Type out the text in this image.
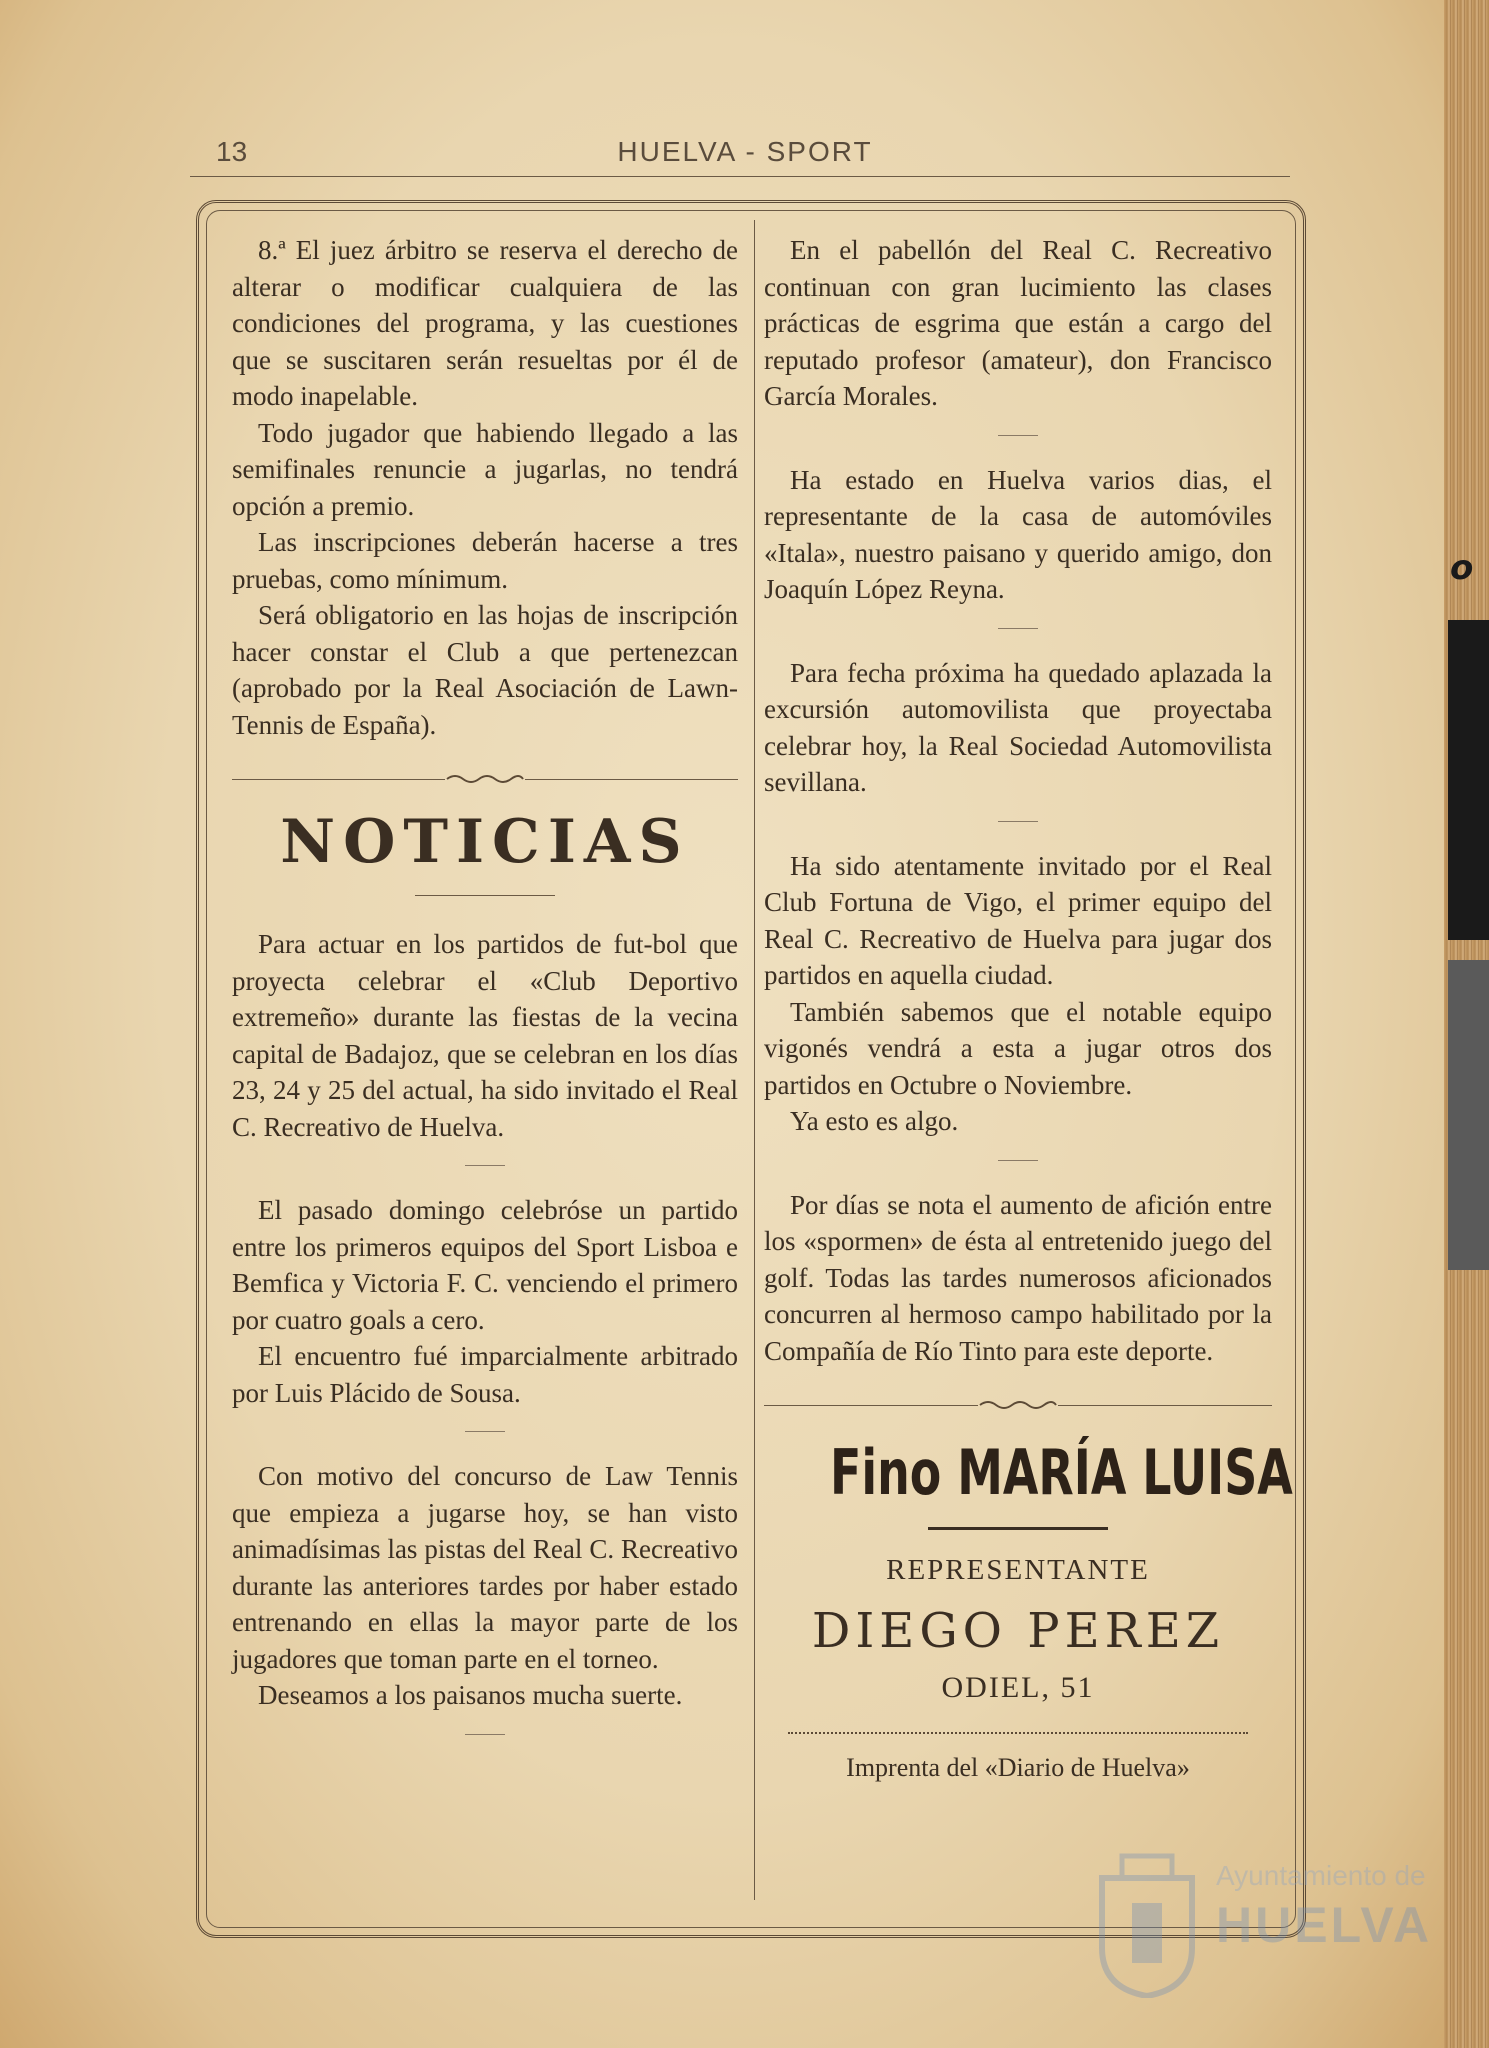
13	HUELVA - SPORT

8.ª El juez árbitro se reserva el derecho de alterar o modificar cualquiera de las condiciones del programa, y las cuestiones que se suscitaren serán resueltas por él de modo inapelable.

Todo jugador que habiendo llegado a las semifinales renuncie a jugarlas, no tendrá opción a premio.

Las inscripciones deberán hacerse a tres pruebas, como mínimum.

Será obligatorio en las hojas de inscripción hacer constar el Club a que pertenezcan (aprobado por la Real Asociación de Lawn-Tennis de España).

NOTICIAS

Para actuar en los partidos de fut-bol que proyecta celebrar el «Club Deportivo extremeño» durante las fiestas de la vecina capital de Badajoz, que se celebran en los días 23, 24 y 25 del actual, ha sido invitado el Real C. Recreativo de Huelva.

El pasado domingo celebróse un partido entre los primeros equipos del Sport Lisboa e Bemfica y Victoria F. C. venciendo el primero por cuatro goals a cero.

El encuentro fué imparcialmente arbitrado por Luis Plácido de Sousa.

Con motivo del concurso de Law Tennis que empieza a jugarse hoy, se han visto animadísimas las pistas del Real C. Recreativo durante las anteriores tardes por haber estado entrenando en ellas la mayor parte de los jugadores que toman parte en el torneo.

Deseamos a los paisanos mucha suerte.

En el pabellón del Real C. Recreativo continuan con gran lucimiento las clases prácticas de esgrima que están a cargo del reputado profesor (amateur), don Francisco García Morales.

Ha estado en Huelva varios dias, el representante de la casa de automóviles «Itala», nuestro paisano y querido amigo, don Joaquín López Reyna.

Para fecha próxima ha quedado aplazada la excursión automovilista que proyectaba celebrar hoy, la Real Sociedad Automovilista sevillana.

Ha sido atentamente invitado por el Real Club Fortuna de Vigo, el primer equipo del Real C. Recreativo de Huelva para jugar dos partidos en aquella ciudad.

También sabemos que el notable equipo vigonés vendrá a esta a jugar otros dos partidos en Octubre o Noviembre.

Ya esto es algo.

Por días se nota el aumento de afición entre los «spormen» de ésta al entretenido juego del golf. Todas las tardes numerosos aficionados concurren al hermoso campo habilitado por la Compañía de Río Tinto para este deporte.

Fino MARÍA LUISA
REPRESENTANTE
DIEGO PEREZ
ODIEL, 51
Imprenta del «Diario de Huelva»
Ayuntamiento de
HUELVA
o
